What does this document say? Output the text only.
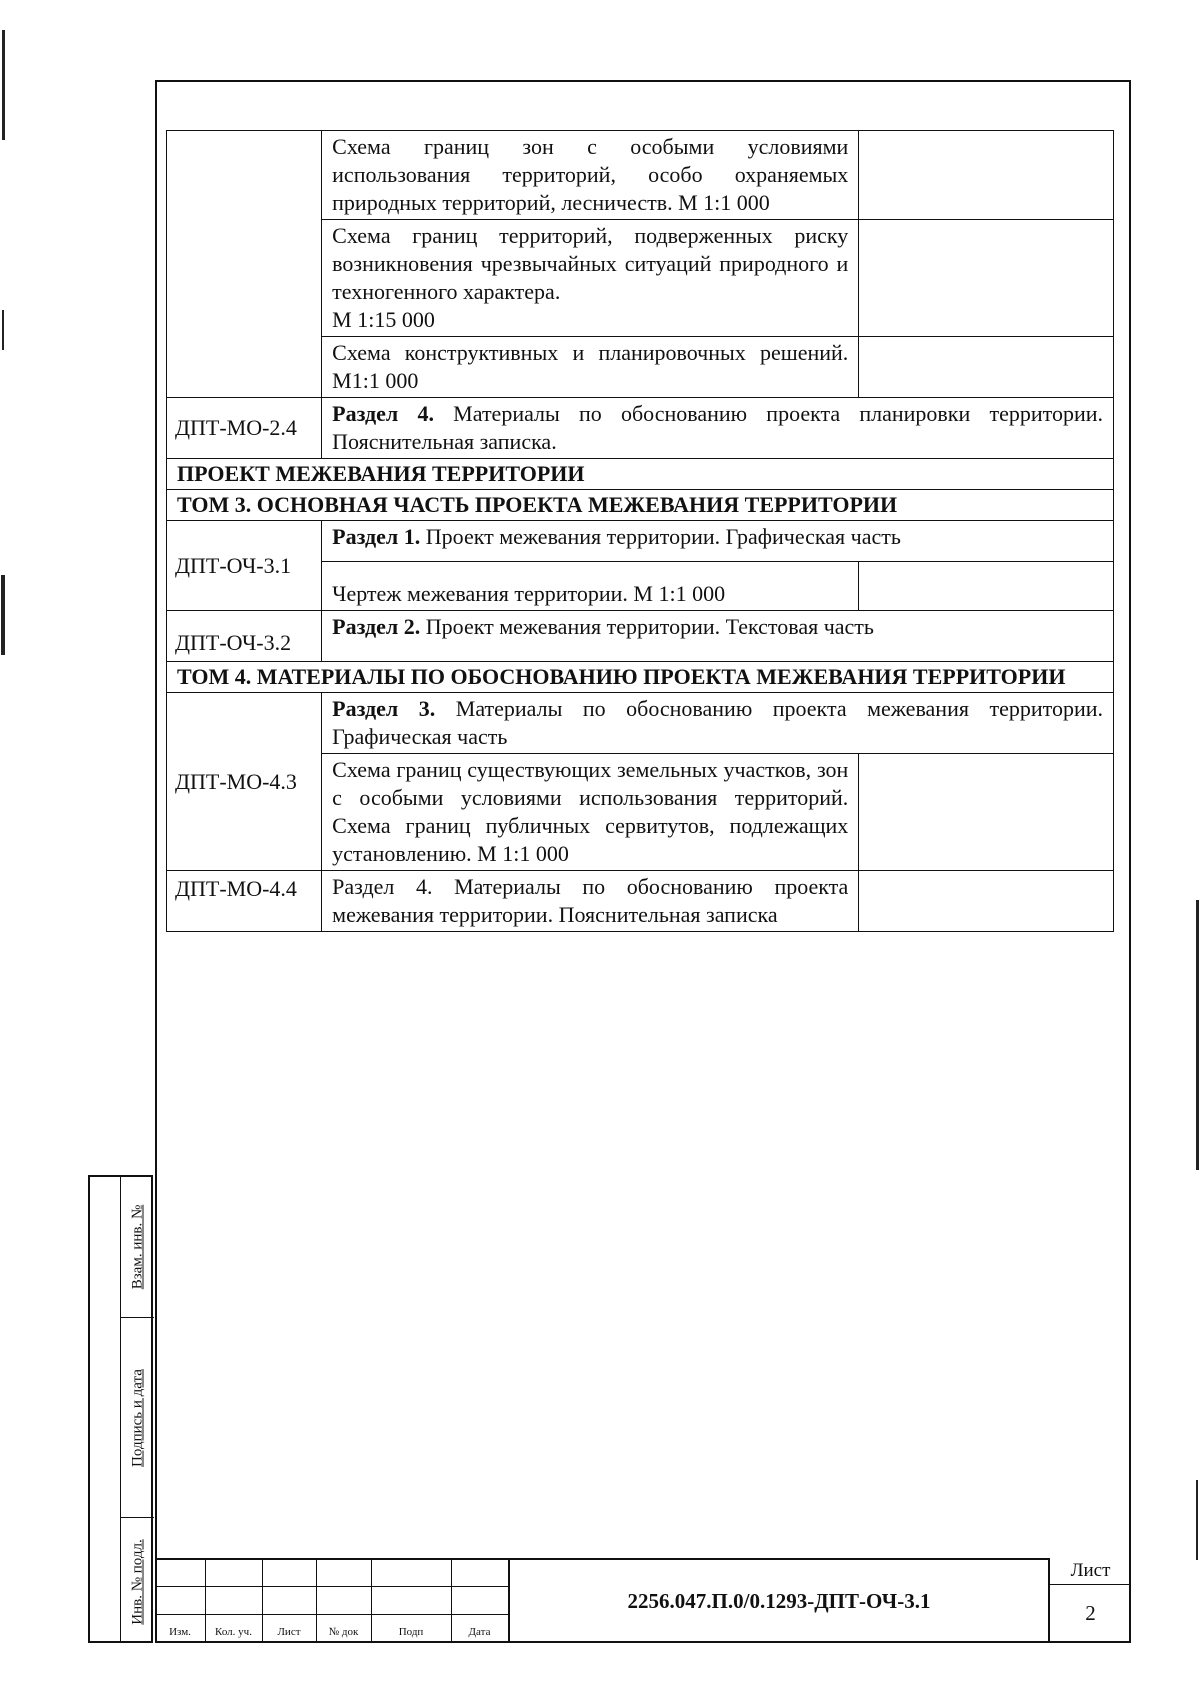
	Схема границ зон с особыми условиями использования территорий, особо охраняемых природных территорий, лесничеств. М 1:1 000	
	Схема границ территорий, подверженных риску возникновения чрезвычайных ситуаций природного и техногенного характера.
М 1:15 000	
	Схема конструктивных и планировочных решений. М1:1 000	
ДПТ-МО-2.4	Раздел 4. Материалы по обоснованию проекта планировки территории. Пояснительная записка.	
ПРОЕКТ МЕЖЕВАНИЯ ТЕРРИТОРИИ		
ТОМ 3. ОСНОВНАЯ ЧАСТЬ ПРОЕКТА МЕЖЕВАНИЯ ТЕРРИТОРИИ		
ДПТ-ОЧ-3.1	Раздел 1. Проект межевания территории. Графическая часть	
	Чертеж межевания территории. М 1:1 000	
ДПТ-ОЧ-3.2	Раздел 2. Проект межевания территории. Текстовая часть	
ТОМ 4. МАТЕРИАЛЫ ПО ОБОСНОВАНИЮ ПРОЕКТА МЕЖЕВАНИЯ ТЕРРИТОРИИ		
ДПТ-МО-4.3	Раздел 3. Материалы по обоснованию проекта межевания территории. Графическая часть	
	Схема границ существующих земельных участков, зон с особыми условиями использования территорий. Схема границ публичных сервитутов, подлежащих установлению. М 1:1 000	
ДПТ-МО-4.4	Раздел 4. Материалы по обоснованию проекта межевания территории. Пояснительная записка	
Взам. инв. №
Подпись и дата
Инв. № подл.
Изм.	Кол. уч.	Лист	№ док	Подп	Дата
2256.047.П.0/0.1293-ДПТ-ОЧ-3.1
Лист
2
